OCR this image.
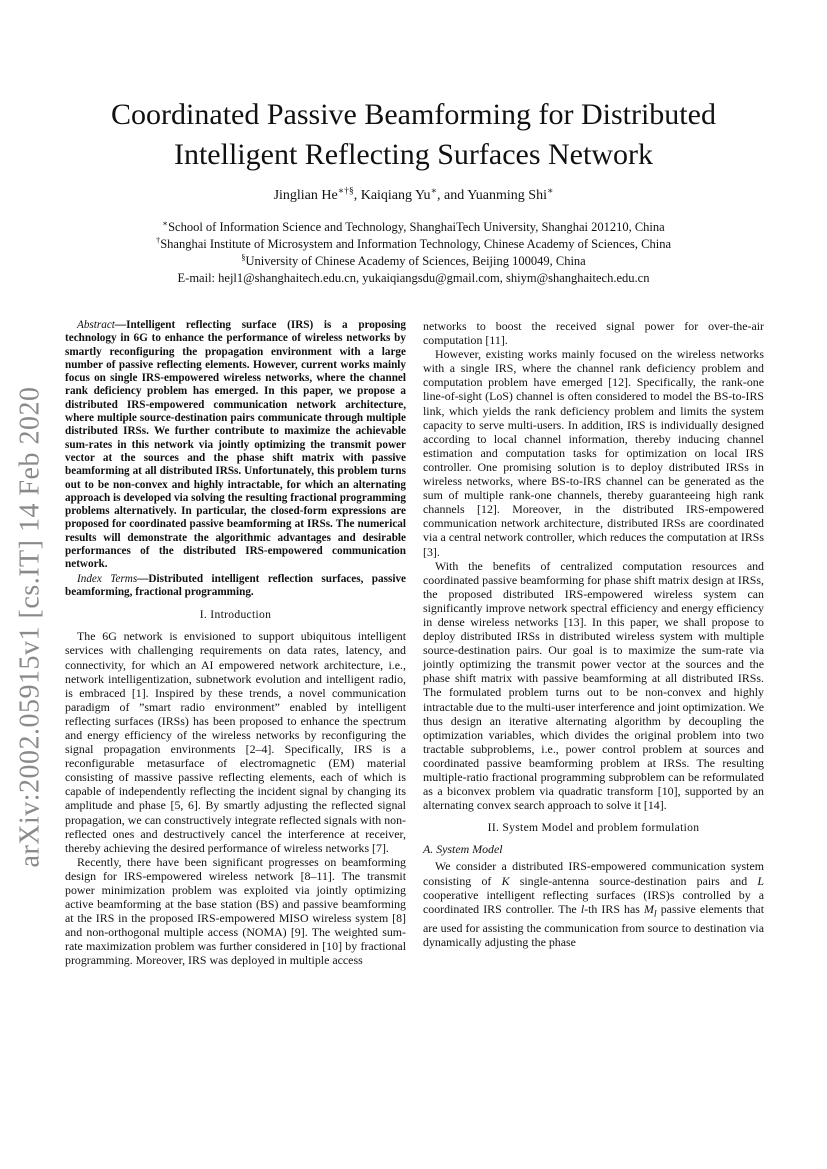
arXiv:2002.05915v1 [cs.IT] 14 Feb 2020
Coordinated Passive Beamforming for Distributed
Intelligent Reflecting Surfaces Network
Jinglian He∗†§, Kaiqiang Yu∗, and Yuanming Shi∗
∗School of Information Science and Technology, ShanghaiTech University, Shanghai 201210, China
†Shanghai Institute of Microsystem and Information Technology, Chinese Academy of Sciences, China
§University of Chinese Academy of Sciences, Beijing 100049, China
E-mail: hejl1@shanghaitech.edu.cn, yukaiqiangsdu@gmail.com, shiym@shanghaitech.edu.cn

Abstract—Intelligent reflecting surface (IRS) is a proposing technology in 6G to enhance the performance of wireless networks by smartly reconfiguring the propagation environment with a large number of passive reflecting elements. However, current works mainly focus on single IRS-empowered wireless networks, where the channel rank deficiency problem has emerged. In this paper, we propose a distributed IRS-empowered communication network architecture, where multiple source-destination pairs communicate through multiple distributed IRSs. We further contribute to maximize the achievable sum-rates in this network via jointly optimizing the transmit power vector at the sources and the phase shift matrix with passive beamforming at all distributed IRSs. Unfortunately, this problem turns out to be non-convex and highly intractable, for which an alternating approach is developed via solving the resulting fractional programming problems alternatively. In particular, the closed-form expressions are proposed for coordinated passive beamforming at IRSs. The numerical results will demonstrate the algorithmic advantages and desirable performances of the distributed IRS-empowered communication network.

Index Terms—Distributed intelligent reflection surfaces, passive beamforming, fractional programming.

I. Introduction

The 6G network is envisioned to support ubiquitous intelligent services with challenging requirements on data rates, latency, and connectivity, for which an AI empowered network architecture, i.e., network intelligentization, subnetwork evolution and intelligent radio, is embraced [1]. Inspired by these trends, a novel communication paradigm of ”smart radio environment” enabled by intelligent reflecting surfaces (IRSs) has been proposed to enhance the spectrum and energy efficiency of the wireless networks by reconfiguring the signal propagation environments [2–4]. Specifically, IRS is a reconfigurable metasurface of electromagnetic (EM) material consisting of massive passive reflecting elements, each of which is capable of independently reflecting the incident signal by changing its amplitude and phase [5, 6]. By smartly adjusting the reflected signal propagation, we can constructively integrate reflected signals with non-reflected ones and destructively cancel the interference at receiver, thereby achieving the desired performance of wireless networks [7].

Recently, there have been significant progresses on beamforming design for IRS-empowered wireless network [8–11]. The transmit power minimization problem was exploited via jointly optimizing active beamforming at the base station (BS) and passive beamforming at the IRS in the proposed IRS-empowered MISO wireless system [8] and non-orthogonal multiple access (NOMA) [9]. The weighted sum-rate maximization problem was further considered in [10] by fractional programming. Moreover, IRS was deployed in multiple access

networks to boost the received signal power for over-the-air computation [11].

However, existing works mainly focused on the wireless networks with a single IRS, where the channel rank deficiency problem and computation problem have emerged [12]. Specifically, the rank-one line-of-sight (LoS) channel is often considered to model the BS-to-IRS link, which yields the rank deficiency problem and limits the system capacity to serve multi-users. In addition, IRS is individually designed according to local channel information, thereby inducing channel estimation and computation tasks for optimization on local IRS controller. One promising solution is to deploy distributed IRSs in wireless networks, where BS-to-IRS channel can be generated as the sum of multiple rank-one channels, thereby guaranteeing high rank channels [12]. Moreover, in the distributed IRS-empowered communication network architecture, distributed IRSs are coordinated via a central network controller, which reduces the computation at IRSs [3].

With the benefits of centralized computation resources and coordinated passive beamforming for phase shift matrix design at IRSs, the proposed distributed IRS-empowered wireless system can significantly improve network spectral efficiency and energy efficiency in dense wireless networks [13]. In this paper, we shall propose to deploy distributed IRSs in distributed wireless system with multiple source-destination pairs. Our goal is to maximize the sum-rate via jointly optimizing the transmit power vector at the sources and the phase shift matrix with passive beamforming at all distributed IRSs. The formulated problem turns out to be non-convex and highly intractable due to the multi-user interference and joint optimization. We thus design an iterative alternating algorithm by decoupling the optimization variables, which divides the original problem into two tractable subproblems, i.e., power control problem at sources and coordinated passive beamforming problem at IRSs. The resulting multiple-ratio fractional programming subproblem can be reformulated as a biconvex problem via quadratic transform [10], supported by an alternating convex search approach to solve it [14].

II. System Model and problem formulation

A. System Model

We consider a distributed IRS-empowered communication system consisting of K single-antenna source-destination pairs and L cooperative intelligent reflecting surfaces (IRS)s controlled by a coordinated IRS controller. The l-th IRS has $M_l$ passive elements that are used for assisting the communication from source to destination via dynamically adjusting the phase
